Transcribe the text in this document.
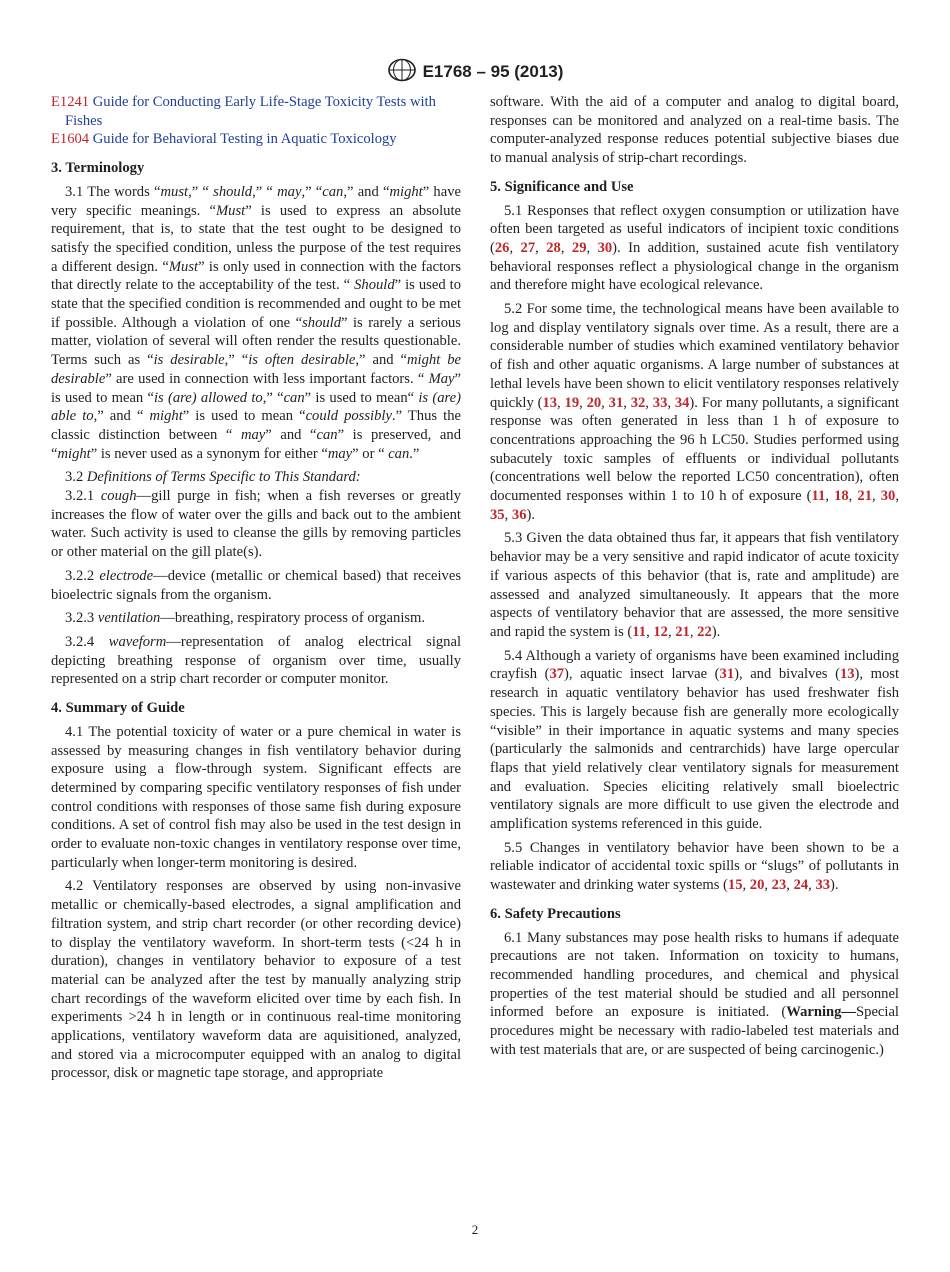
E1768 – 95 (2013)

E1241 Guide for Conducting Early Life-Stage Toxicity Tests with Fishes

E1604 Guide for Behavioral Testing in Aquatic Toxicology

3. Terminology

3.1 The words “must,” “ should,” “ may,” “can,” and “might” have very specific meanings. “Must” is used to express an absolute requirement, that is, to state that the test ought to be designed to satisfy the specified condition, unless the purpose of the test requires a different design. “Must” is only used in connection with the factors that directly relate to the acceptability of the test. “ Should” is used to state that the specified condition is recommended and ought to be met if possible. Although a violation of one “should” is rarely a serious matter, violation of several will often render the results questionable. Terms such as “is desirable,” “is often desirable,” and “might be desirable” are used in connection with less important factors. “ May” is used to mean “is (are) allowed to,” “can” is used to mean“ is (are) able to,” and “ might” is used to mean “could possibly.” Thus the classic distinction between “ may” and “can” is preserved, and “might” is never used as a synonym for either “may” or “ can.”

3.2 Definitions of Terms Specific to This Standard:

3.2.1 cough—gill purge in fish; when a fish reverses or greatly increases the flow of water over the gills and back out to the ambient water. Such activity is used to cleanse the gills by removing particles or other material on the gill plate(s).

3.2.2 electrode—device (metallic or chemical based) that receives bioelectric signals from the organism.

3.2.3 ventilation—breathing, respiratory process of organism.

3.2.4 waveform—representation of analog electrical signal depicting breathing response of organism over time, usually represented on a strip chart recorder or computer monitor.

4. Summary of Guide

4.1 The potential toxicity of water or a pure chemical in water is assessed by measuring changes in fish ventilatory behavior during exposure using a flow-through system. Significant effects are determined by comparing specific ventilatory responses of fish under control conditions with responses of those same fish during exposure conditions. A set of control fish may also be used in the test design in order to evaluate non-toxic changes in ventilatory response over time, particularly when longer-term monitoring is desired.

4.2 Ventilatory responses are observed by using non-invasive metallic or chemically-based electrodes, a signal amplification and filtration system, and strip chart recorder (or other recording device) to display the ventilatory waveform. In short-term tests (<24 h in duration), changes in ventilatory behavior to exposure of a test material can be analyzed after the test by manually analyzing strip chart recordings of the waveform elicited over time by each fish. In experiments >24 h in length or in continuous real-time monitoring applications, ventilatory waveform data are aquisitioned, analyzed, and stored via a microcomputer equipped with an analog to digital processor, disk or magnetic tape storage, and appropriate

software. With the aid of a computer and analog to digital board, responses can be monitored and analyzed on a real-time basis. The computer-analyzed response reduces potential subjective biases due to manual analysis of strip-chart recordings.

5. Significance and Use

5.1 Responses that reflect oxygen consumption or utilization have often been targeted as useful indicators of incipient toxic conditions (26, 27, 28, 29, 30). In addition, sustained acute fish ventilatory behavioral responses reflect a physiological change in the organism and therefore might have ecological relevance.

5.2 For some time, the technological means have been available to log and display ventilatory signals over time. As a result, there are a considerable number of studies which examined ventilatory behavior of fish and other aquatic organisms. A large number of substances at lethal levels have been shown to elicit ventilatory responses relatively quickly (13, 19, 20, 31, 32, 33, 34). For many pollutants, a significant response was often generated in less than 1 h of exposure to concentrations approaching the 96 h LC50. Studies performed using subacutely toxic samples of effluents or individual pollutants (concentrations well below the reported LC50 concentration), often documented responses within 1 to 10 h of exposure (11, 18, 21, 30, 35, 36).

5.3 Given the data obtained thus far, it appears that fish ventilatory behavior may be a very sensitive and rapid indicator of acute toxicity if various aspects of this behavior (that is, rate and amplitude) are assessed and analyzed simultaneously. It appears that the more aspects of ventilatory behavior that are assessed, the more sensitive and rapid the system is (11, 12, 21, 22).

5.4 Although a variety of organisms have been examined including crayfish (37), aquatic insect larvae (31), and bivalves (13), most research in aquatic ventilatory behavior has used freshwater fish species. This is largely because fish are generally more ecologically “visible” in their importance in aquatic systems and many species (particularly the salmonids and centrarchids) have large opercular flaps that yield relatively clear ventilatory signals for measurement and evaluation. Species eliciting relatively small bioelectric ventilatory signals are more difficult to use given the electrode and amplification systems referenced in this guide.

5.5 Changes in ventilatory behavior have been shown to be a reliable indicator of accidental toxic spills or “slugs” of pollutants in wastewater and drinking water systems (15, 20, 23, 24, 33).

6. Safety Precautions

6.1 Many substances may pose health risks to humans if adequate precautions are not taken. Information on toxicity to humans, recommended handling procedures, and chemical and physical properties of the test material should be studied and all personnel informed before an exposure is initiated. (Warning—Special procedures might be necessary with radio-labeled test materials and with test materials that are, or are suspected of being carcinogenic.)

2
